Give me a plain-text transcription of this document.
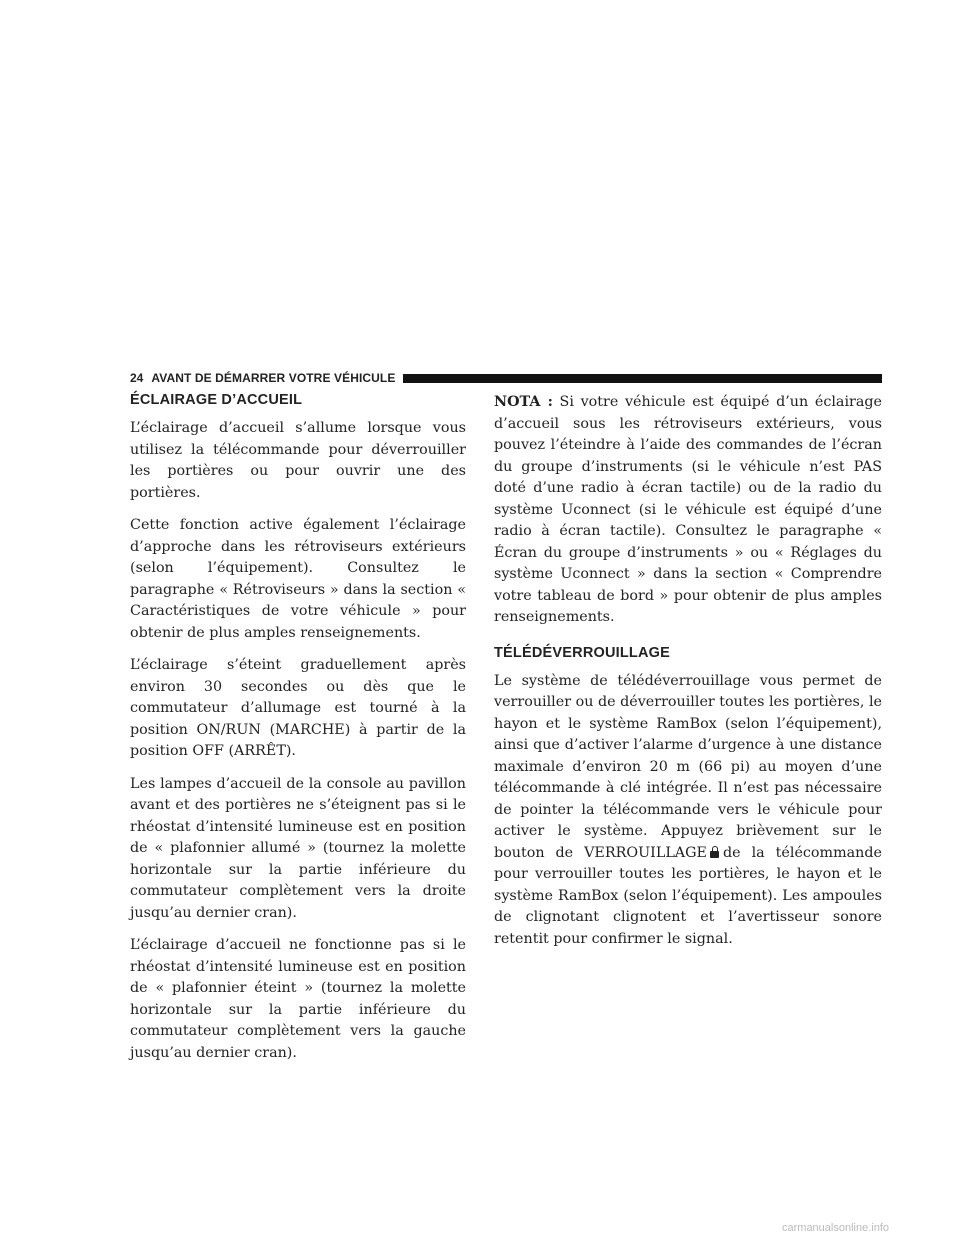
24 AVANT DE DÉMARRER VOTRE VÉHICULE
ÉCLAIRAGE D’ACCUEIL

L’éclairage d’accueil s’allume lorsque vous utilisez la télécommande pour déverrouiller les portières ou pour ouvrir une des portières.

Cette fonction active également l’éclairage d’approche dans les rétroviseurs extérieurs (selon l’équipement). Consultez le paragraphe « Rétroviseurs » dans la section « Caractéristiques de votre véhicule » pour obtenir de plus amples renseignements.

L’éclairage s’éteint graduellement après environ 30 secondes ou dès que le commutateur d’allumage est tourné à la position ON/RUN (MARCHE) à partir de la position OFF (ARRÊT).

Les lampes d’accueil de la console au pavillon avant et des portières ne s’éteignent pas si le rhéostat d’intensité lumineuse est en position de « plafonnier allumé » (tournez la molette horizontale sur la partie inférieure du commutateur complètement vers la droite jusqu’au dernier cran).

L’éclairage d’accueil ne fonctionne pas si le rhéostat d’intensité lumineuse est en position de « plafonnier éteint » (tournez la molette horizontale sur la partie inférieure du commutateur complètement vers la gauche jusqu’au dernier cran).

NOTA : Si votre véhicule est équipé d’un éclairage d’accueil sous les rétroviseurs extérieurs, vous pouvez l’éteindre à l’aide des commandes de l’écran du groupe d’instruments (si le véhicule n’est PAS doté d’une radio à écran tactile) ou de la radio du système Uconnect (si le véhicule est équipé d’une radio à écran tactile). Consultez le paragraphe « Écran du groupe d’instruments » ou « Réglages du système Uconnect » dans la section « Comprendre votre tableau de bord » pour obtenir de plus amples renseignements.

TÉLÉDÉVERROUILLAGE

Le système de télédéverrouillage vous permet de verrouiller ou de déverrouiller toutes les portières, le hayon et le système RamBox (selon l’équipement), ainsi que d’activer l’alarme d’urgence à une distance maximale d’environ 20 m (66 pi) au moyen d’une télécommande à clé intégrée. Il n’est pas nécessaire de pointer la télécommande vers le véhicule pour activer le système. Appuyez brièvement sur le bouton de VERROUILLAGE de la télécommande pour verrouiller toutes les portières, le hayon et le système RamBox (selon l’équipement). Les ampoules de clignotant clignotent et l’avertisseur sonore retentit pour confirmer le signal.

carmanualsonline.info
